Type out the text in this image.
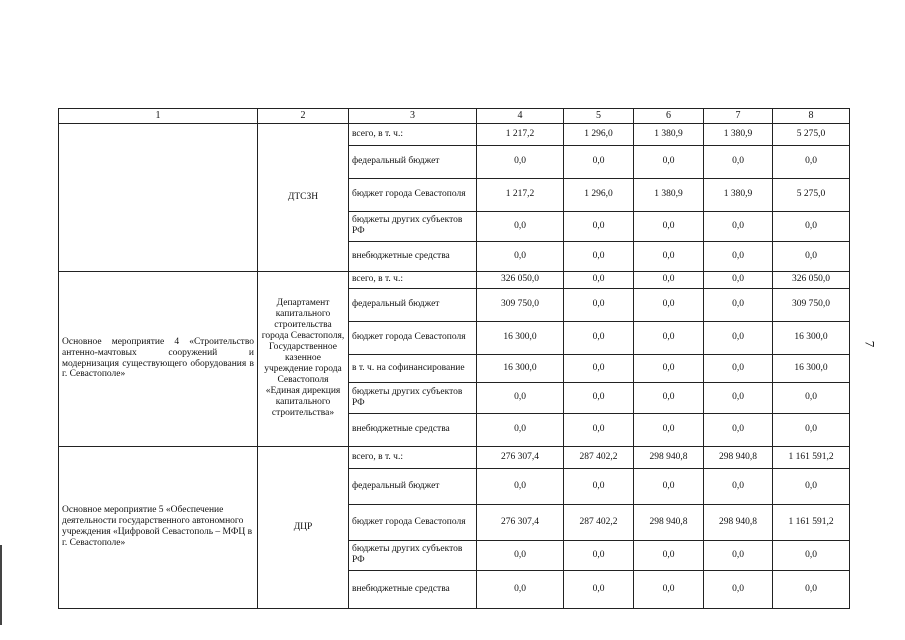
1	2	3	4	5	6	7	8
	ДТСЗН	всего, в т. ч.:	1 217,2	1 296,0	1 380,9	1 380,9	5 275,0
		федеральный бюджет	0,0	0,0	0,0	0,0	0,0
		бюджет города Севастополя	1 217,2	1 296,0	1 380,9	1 380,9	5 275,0
		бюджеты других субъектов РФ	0,0	0,0	0,0	0,0	0,0
		внебюджетные средства	0,0	0,0	0,0	0,0	0,0
Основное мероприятие 4 «Строительство антенно-мачтовых сооружений и модернизация существующего оборудования в г. Севастополе»	Департамент капитального строительства города Севастополя, Государственное казенное учреждение города Севастополя «Единая дирекция капитального строительства»	всего, в т. ч.:	326 050,0	0,0	0,0	0,0	326 050,0
		федеральный бюджет	309 750,0	0,0	0,0	0,0	309 750,0
		бюджет города Севастополя	16 300,0	0,0	0,0	0,0	16 300,0
		в т. ч. на софинансирование	16 300,0	0,0	0,0	0,0	16 300,0
		бюджеты других субъектов РФ	0,0	0,0	0,0	0,0	0,0
		внебюджетные средства	0,0	0,0	0,0	0,0	0,0
Основное мероприятие 5 «Обеспечение деятельности государственного автономного учреждения «Цифровой Севастополь – МФЦ в г. Севастополе»	ДЦР	всего, в т. ч.:	276 307,4	287 402,2	298 940,8	298 940,8	1 161 591,2
		федеральный бюджет	0,0	0,0	0,0	0,0	0,0
		бюджет города Севастополя	276 307,4	287 402,2	298 940,8	298 940,8	1 161 591,2
		бюджеты других субъектов РФ	0,0	0,0	0,0	0,0	0,0
		внебюджетные средства	0,0	0,0	0,0	0,0	0,0
7
